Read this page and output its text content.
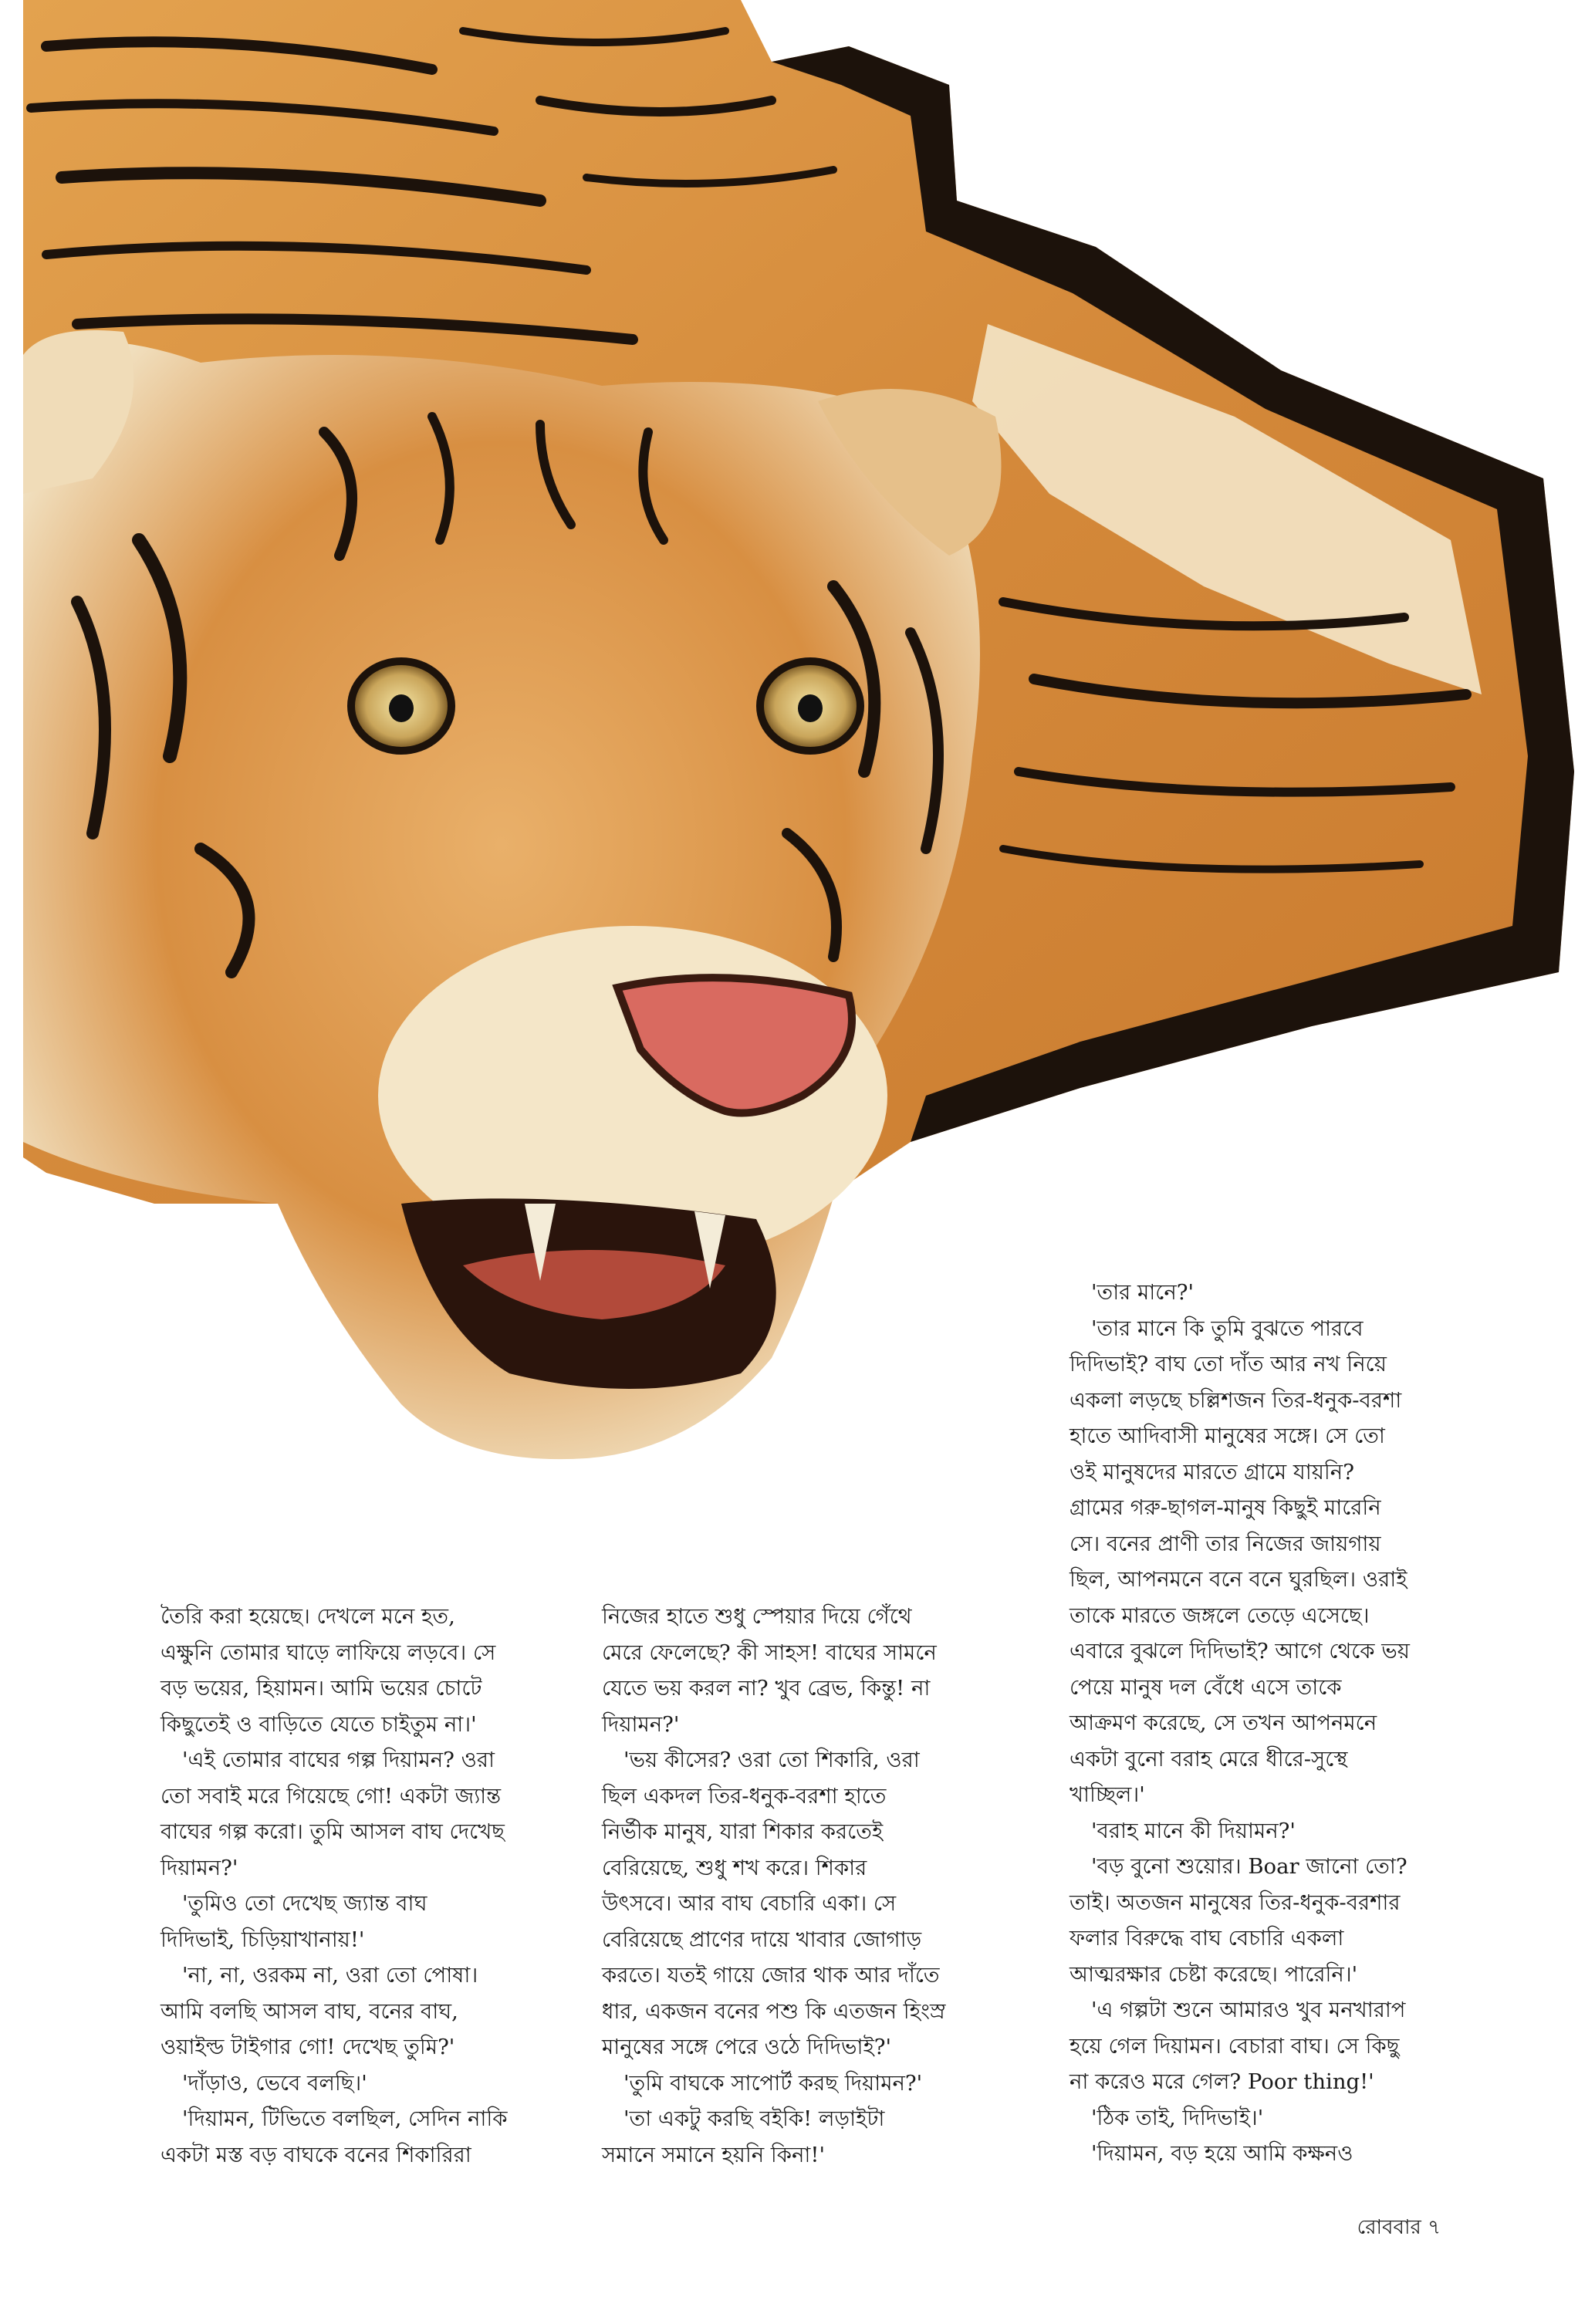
তৈরি করা হয়েছে। দেখলে মনে হত,

এক্ষুনি তোমার ঘাড়ে লাফিয়ে লড়বে। সে

বড় ভয়ের, হিয়ামন। আমি ভয়ের চোটে

কিছুতেই ও বাড়িতে যেতে চাইতুম না।'

'এই তোমার বাঘের গল্প দিয়ামন? ওরা

তো সবাই মরে গিয়েছে গো! একটা জ্যান্ত

বাঘের গল্প করো। তুমি আসল বাঘ দেখেছ

দিয়ামন?'

'তুমিও তো দেখেছ জ্যান্ত বাঘ

দিদিভাই, চিড়িয়াখানায়!'

'না, না, ওরকম না, ওরা তো পোষা।

আমি বলছি আসল বাঘ, বনের বাঘ,

ওয়াইল্ড টাইগার গো! দেখেছ তুমি?'

'দাঁড়াও, ভেবে বলছি।'

'দিয়ামন, টিভিতে বলছিল, সেদিন নাকি

একটা মস্ত বড় বাঘকে বনের শিকারিরা

নিজের হাতে শুধু স্পেয়ার দিয়ে গেঁথে

মেরে ফেলেছে? কী সাহস! বাঘের সামনে

যেতে ভয় করল না? খুব ব্রেভ, কিন্তু! না

দিয়ামন?'

'ভয় কীসের? ওরা তো শিকারি, ওরা

ছিল একদল তির-ধনুক-বরশা হাতে

নির্ভীক মানুষ, যারা শিকার করতেই

বেরিয়েছে, শুধু শখ করে। শিকার

উৎসবে। আর বাঘ বেচারি একা। সে

বেরিয়েছে প্রাণের দায়ে খাবার জোগাড়

করতে। যতই গায়ে জোর থাক আর দাঁতে

ধার, একজন বনের পশু কি এতজন হিংস্র

মানুষের সঙ্গে পেরে ওঠে দিদিভাই?'

'তুমি বাঘকে সাপোর্ট করছ দিয়ামন?'

'তা একটু করছি বইকি! লড়াইটা

সমানে সমানে হয়নি কিনা!'

'তার মানে?'

'তার মানে কি তুমি বুঝতে পারবে

দিদিভাই? বাঘ তো দাঁত আর নখ নিয়ে

একলা লড়ছে চল্লিশজন তির-ধনুক-বরশা

হাতে আদিবাসী মানুষের সঙ্গে। সে তো

ওই মানুষদের মারতে গ্রামে যায়নি?

গ্রামের গরু-ছাগল-মানুষ কিছুই মারেনি

সে। বনের প্রাণী তার নিজের জায়গায়

ছিল, আপনমনে বনে বনে ঘুরছিল। ওরাই

তাকে মারতে জঙ্গলে তেড়ে এসেছে।

এবারে বুঝলে দিদিভাই? আগে থেকে ভয়

পেয়ে মানুষ দল বেঁধে এসে তাকে

আক্রমণ করেছে, সে তখন আপনমনে

একটা বুনো বরাহ মেরে ধীরে-সুস্থে

খাচ্ছিল।'

'বরাহ মানে কী দিয়ামন?'

'বড় বুনো শুয়োর। Boar জানো তো?

তাই। অতজন মানুষের তির-ধনুক-বরশার

ফলার বিরুদ্ধে বাঘ বেচারি একলা

আত্মরক্ষার চেষ্টা করেছে। পারেনি।'

'এ গল্পটা শুনে আমারও খুব মনখারাপ

হয়ে গেল দিয়ামন। বেচারা বাঘ। সে কিছু

না করেও মরে গেল? Poor thing!'

'ঠিক তাই, দিদিভাই।'

'দিয়ামন, বড় হয়ে আমি কক্ষনও

রোববার ৭
